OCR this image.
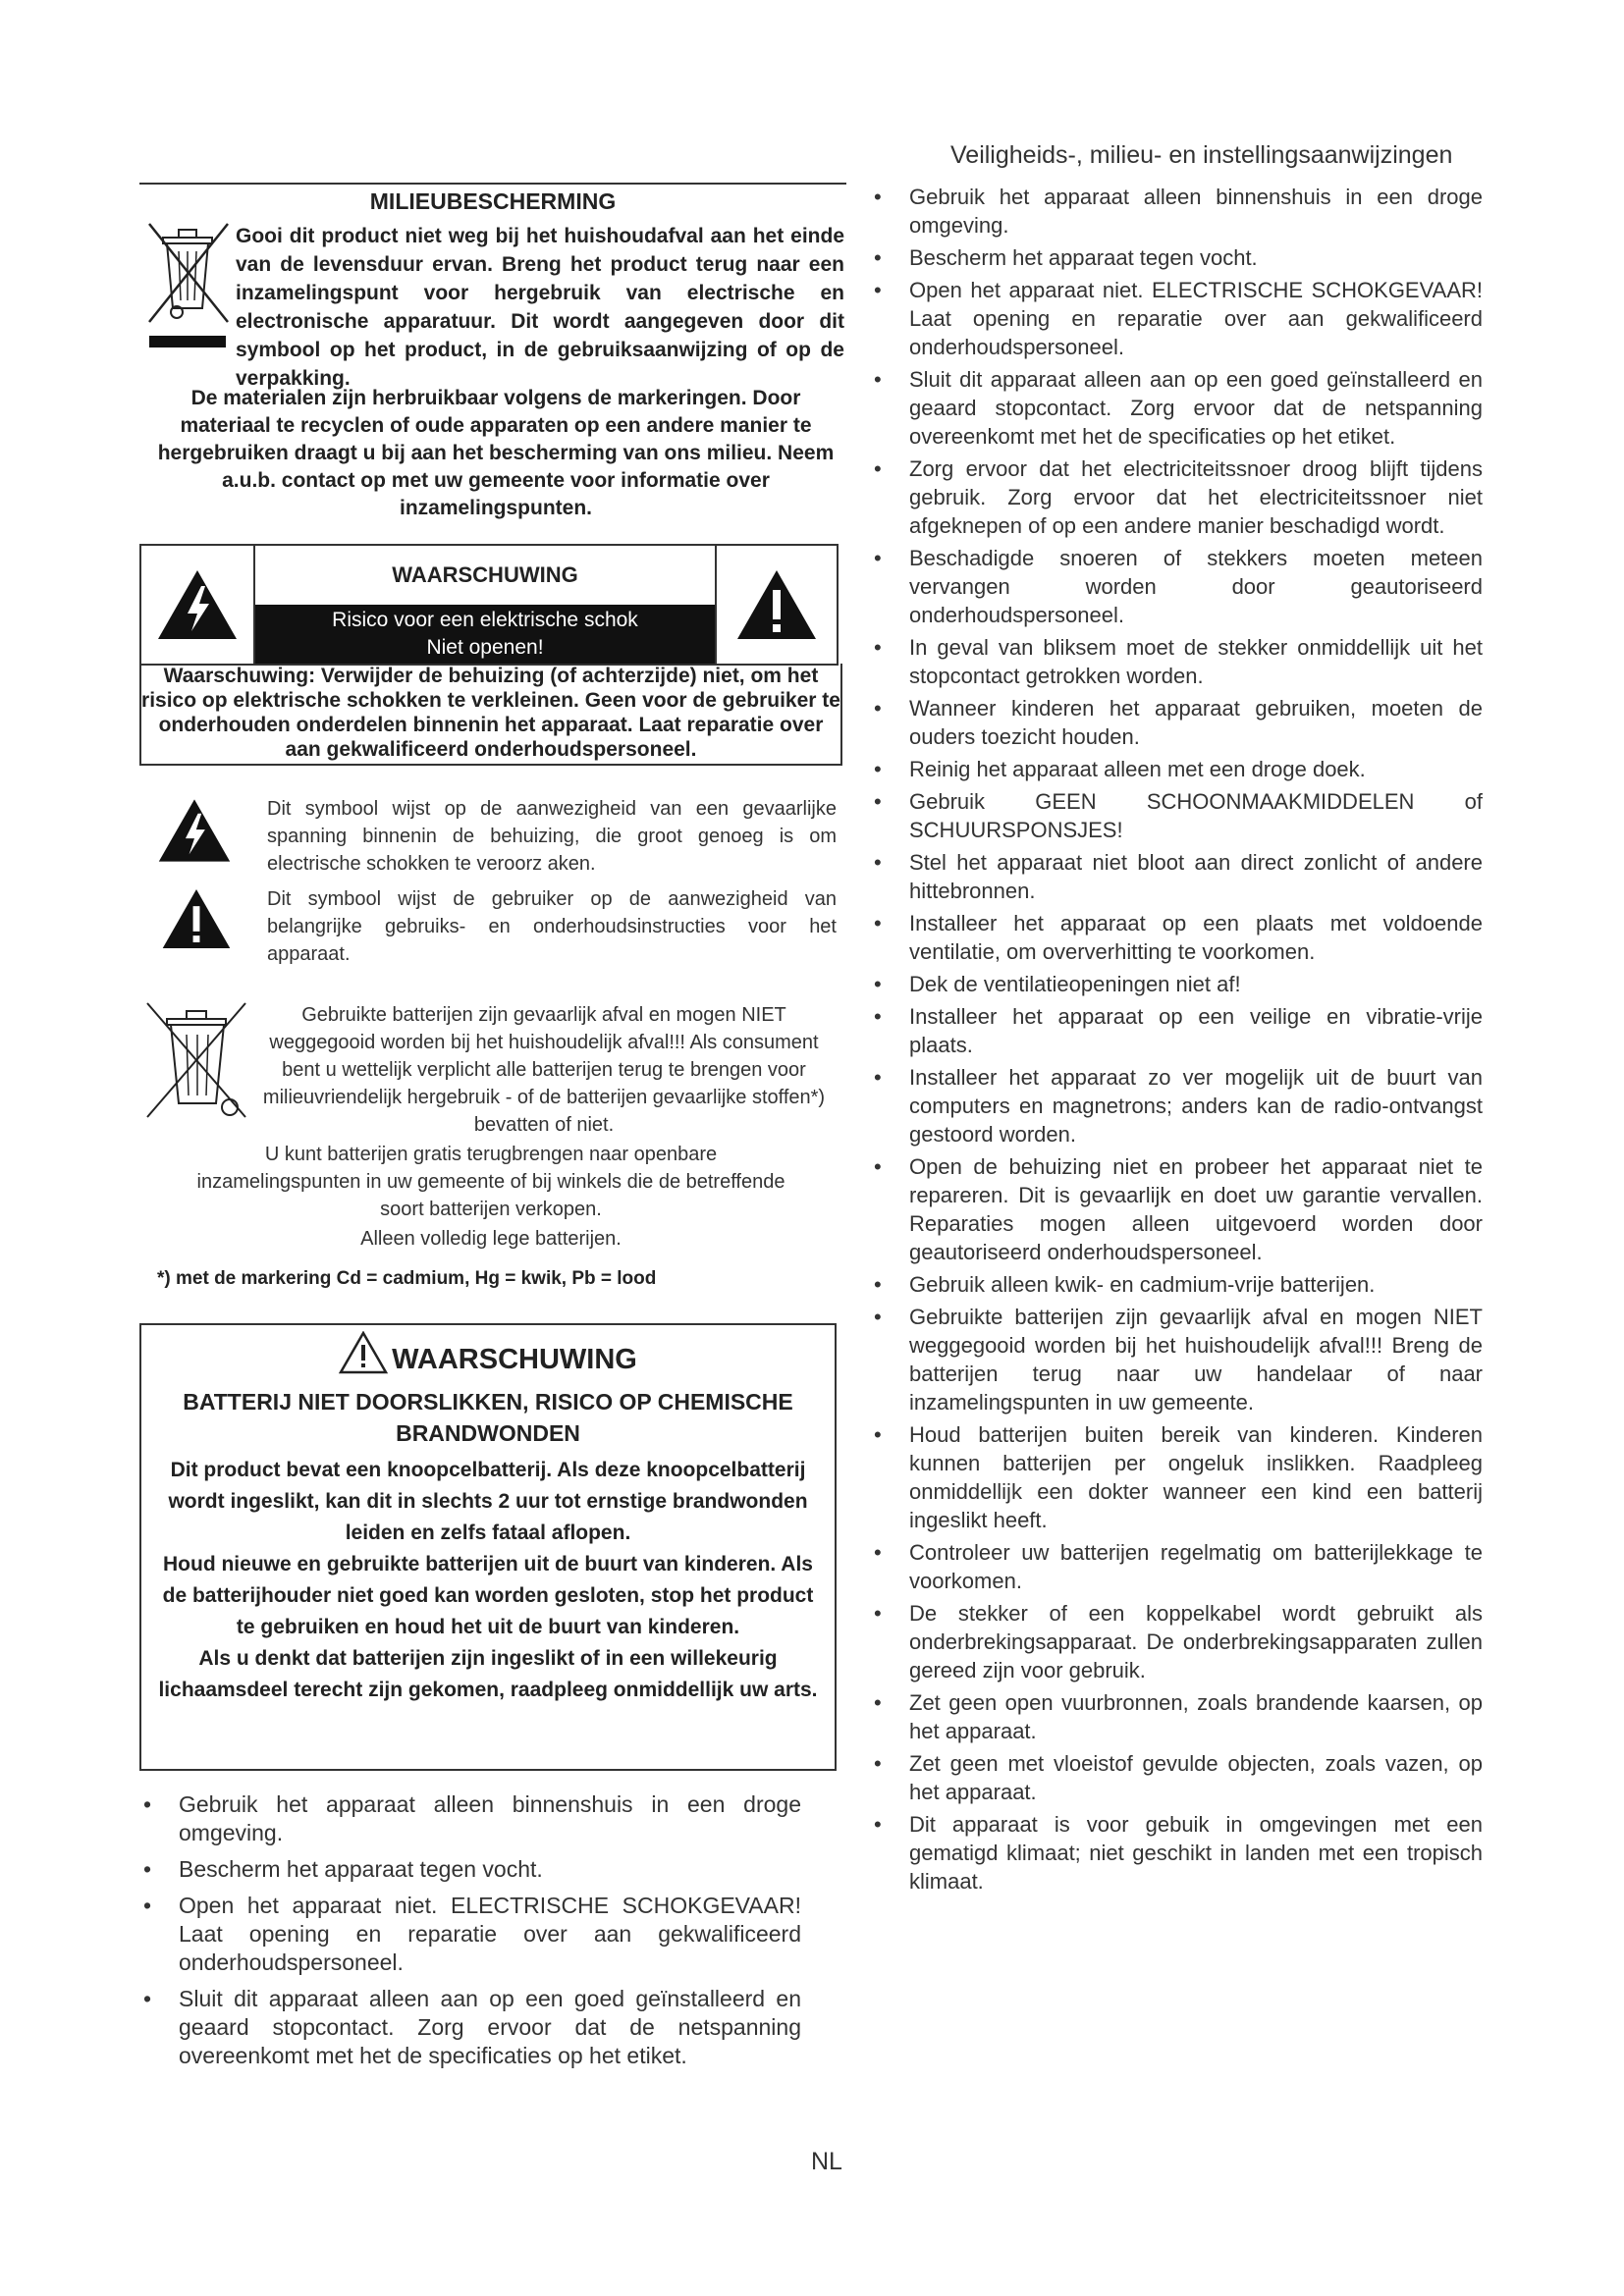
Veiligheids-, milieu- en instellingsaanwijzingen
MILIEUBESCHERMING
Gooi dit product niet weg bij het huishoudafval aan het einde van de levensduur ervan. Breng het product terug naar een inzamelingspunt voor hergebruik van electrische en electronische apparatuur. Dit wordt aangegeven door dit symbool op het product, in de gebruiksaanwijzing of op de verpakking.
De materialen zijn herbruikbaar volgens de markeringen. Door materiaal te recyclen of oude apparaten op een andere manier te hergebruiken draagt u bij aan het bescherming van ons milieu. Neem a.u.b. contact op met uw gemeente voor informatie over inzamelingspunten.
WAARSCHUWING
Risico voor een elektrische schok
Niet openen!
Waarschuwing: Verwijder de behuizing (of achterzijde) niet, om het risico op elektrische schokken te verkleinen. Geen voor de gebruiker te onderhouden onderdelen binnenin het apparaat. Laat reparatie over aan gekwalificeerd onderhoudspersoneel.
Dit symbool wijst op de aanwezigheid van een gevaarlijke spanning binnenin de behuizing, die groot genoeg is om electrische schokken te veroorz aken.
Dit symbool wijst de gebruiker op de aanwezigheid van belangrijke gebruiks- en onderhoudsinstructies voor het apparaat.
Gebruikte batterijen zijn gevaarlijk afval en mogen NIET weggegooid worden bij het huishoudelijk afval!!! Als consument bent u wettelijk verplicht alle batterijen terug te brengen voor milieuvriendelijk hergebruik - of de batterijen gevaarlijke stoffen*) bevatten of niet.
U kunt batterijen gratis terugbrengen naar openbare inzamelingspunten in uw gemeente of bij winkels die de betreffende soort batterijen verkopen.
Alleen volledig lege batterijen.
*) met de markering Cd = cadmium, Hg = kwik, Pb = lood
WAARSCHUWING
BATTERIJ NIET DOORSLIKKEN, RISICO OP CHEMISCHE BRANDWONDEN
Dit product bevat een knoopcelbatterij. Als deze knoopcelbatterij wordt ingeslikt, kan dit in slechts 2 uur tot ernstige brandwonden leiden en zelfs fataal aflopen.
Houd nieuwe en gebruikte batterijen uit de buurt van kinderen. Als de batterijhouder niet goed kan worden gesloten, stop het product te gebruiken en houd het uit de buurt van kinderen.
Als u denkt dat batterijen zijn ingeslikt of in een willekeurig lichaamsdeel terecht zijn gekomen, raadpleeg onmiddellijk uw arts.
• Gebruik het apparaat alleen binnenshuis in een droge omgeving.
• Bescherm het apparaat tegen vocht.
• Open het apparaat niet. ELECTRISCHE SCHOKGEVAAR! Laat opening en reparatie over aan gekwalificeerd onderhoudspersoneel.
• Sluit dit apparaat alleen aan op een goed geïnstalleerd en geaard stopcontact. Zorg ervoor dat de netspanning overeenkomt met het de specificaties op het etiket.
• Gebruik het apparaat alleen binnenshuis in een droge omgeving.
• Bescherm het apparaat tegen vocht.
• Open het apparaat niet. ELECTRISCHE SCHOKGEVAAR! Laat opening en reparatie over aan gekwalificeerd onderhoudspersoneel.
• Sluit dit apparaat alleen aan op een goed geïnstalleerd en geaard stopcontact. Zorg ervoor dat de netspanning overeenkomt met het de specificaties op het etiket.
• Zorg ervoor dat het electriciteitssnoer droog blijft tijdens gebruik. Zorg ervoor dat het electriciteitssnoer niet afgeknepen of op een andere manier beschadigd wordt.
• Beschadigde snoeren of stekkers moeten meteen vervangen worden door geautoriseerd onderhoudspersoneel.
• In geval van bliksem moet de stekker onmiddellijk uit het stopcontact getrokken worden.
• Wanneer kinderen het apparaat gebruiken, moeten de ouders toezicht houden.
• Reinig het apparaat alleen met een droge doek.
• Gebruik GEEN SCHOONMAAKMIDDELEN of SCHUURSPONSJES!
• Stel het apparaat niet bloot aan direct zonlicht of andere hittebronnen.
• Installeer het apparaat op een plaats met voldoende ventilatie, om oververhitting te voorkomen.
• Dek de ventilatieopeningen niet af!
• Installeer het apparaat op een veilige en vibratie-vrije plaats.
• Installeer het apparaat zo ver mogelijk uit de buurt van computers en magnetrons; anders kan de radio-ontvangst gestoord worden.
• Open de behuizing niet en probeer het apparaat niet te repareren. Dit is gevaarlijk en doet uw garantie vervallen. Reparaties mogen alleen uitgevoerd worden door geautoriseerd onderhoudspersoneel.
• Gebruik alleen kwik- en cadmium-vrije batterijen.
• Gebruikte batterijen zijn gevaarlijk afval en mogen NIET weggegooid worden bij het huishoudelijk afval!!! Breng de batterijen terug naar uw handelaar of naar inzamelingspunten in uw gemeente.
• Houd batterijen buiten bereik van kinderen. Kinderen kunnen batterijen per ongeluk inslikken. Raadpleeg onmiddellijk een dokter wanneer een kind een batterij ingeslikt heeft.
• Controleer uw batterijen regelmatig om batterijlekkage te voorkomen.
• De stekker of een koppelkabel wordt gebruikt als onderbrekingsapparaat. De onderbrekingsapparaten zullen gereed zijn voor gebruik.
• Zet geen open vuurbronnen, zoals brandende kaarsen, op het apparaat.
• Zet geen met vloeistof gevulde objecten, zoals vazen, op het apparaat.
• Dit apparaat is voor gebuik in omgevingen met een gematigd klimaat; niet geschikt in landen met een tropisch klimaat.
NL
